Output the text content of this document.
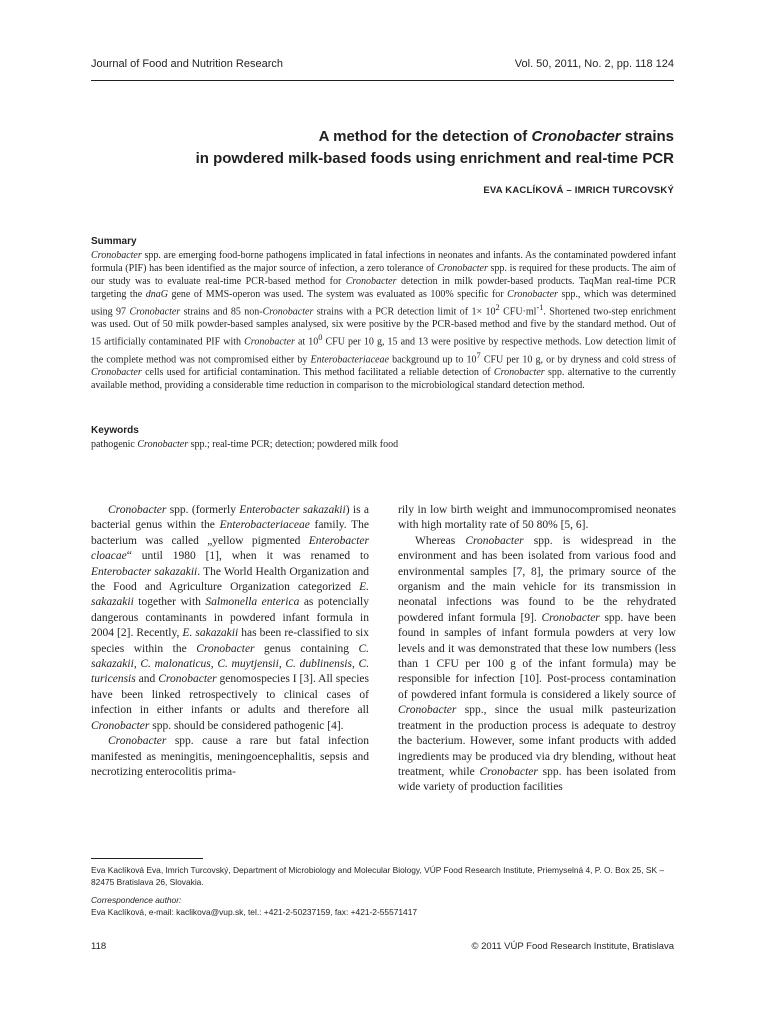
Journal of Food and Nutrition Research	Vol. 50, 2011, No. 2, pp. 118 124
A method for the detection of Cronobacter strains
in powdered milk-based foods using enrichment and real-time PCR
EVA KACLÍKOVÁ – IMRICH TURCOVSKÝ
Summary
Cronobacter spp. are emerging food-borne pathogens implicated in fatal infections in neonates and infants. As the contaminated powdered infant formula (PIF) has been identified as the major source of infection, a zero tolerance of Cronobacter spp. is required for these products. The aim of our study was to evaluate real-time PCR-based method for Cronobacter detection in milk powder-based products. TaqMan real-time PCR targeting the dnaG gene of MMS-operon was used. The system was evaluated as 100% specific for Cronobacter spp., which was determined using 97 Cronobacter strains and 85 non-Cronobacter strains with a PCR detection limit of $1\times 10^2$ $CFU\cdot ml^{-1}$. Shortened two-step enrichment was used. Out of 50 milk powder-based samples analysed, six were positive by the PCR-based method and five by the standard method. Out of 15 artificially contaminated PIF with Cronobacter at $10^0$ CFU per 10 g, 15 and 13 were positive by respective methods. Low detection limit of the complete method was not compromised either by Enterobacteriaceae background up to $10^7$ CFU per 10 g, or by dryness and cold stress of Cronobacter cells used for artificial contamination. This method facilitated a reliable detection of Cronobacter spp. alternative to the currently available method, providing a considerable time reduction in comparison to the microbiological standard detection method.
Keywords
pathogenic Cronobacter spp.; real-time PCR; detection; powdered milk food

Cronobacter spp. (formerly Enterobacter sakazakii) is a bacterial genus within the Enterobacteriaceae family. The bacterium was called „yellow pigmented Enterobacter cloacae“ until 1980 [1], when it was renamed to Enterobacter sakazakii. The World Health Organization and the Food and Agriculture Organization categorized E. sakazakii together with Salmonella enterica as potencially dangerous contaminants in powdered infant formula in 2004 [2]. Recently, E. sakazakii has been re-classified to six species within the Cronobacter genus containing C. sakazakii, C. malonaticus, C. muytjensii, C. dublinensis, C. turicensis and Cronobacter genomospecies I [3]. All species have been linked retrospectively to clinical cases of infection in either infants or adults and therefore all Cronobacter spp. should be considered pathogenic [4].

Cronobacter spp. cause a rare but fatal infection manifested as meningitis, meningoencephalitis, sepsis and necrotizing enterocolitis prima-

rily in low birth weight and immunocompromised neonates with high mortality rate of 50 80% [5, 6].

Whereas Cronobacter spp. is widespread in the environment and has been isolated from various food and environmental samples [7, 8], the primary source of the organism and the main vehicle for its transmission in neonatal infections was found to be the rehydrated powdered infant formula [9]. Cronobacter spp. have been found in samples of infant formula powders at very low levels and it was demonstrated that these low numbers (less than 1 CFU per 100 g of the infant formula) may be responsible for infection [10]. Post-process contamination of powdered infant formula is considered a likely source of Cronobacter spp., since the usual milk pasteurization treatment in the production process is adequate to destroy the bacterium. However, some infant products with added ingredients may be produced via dry blending, without heat treatment, while Cronobacter spp. has been isolated from wide variety of production facilities

Eva Kaclíková Eva, Imrich Turcovský, Department of Microbiology and Molecular Biology, VÚP Food Research Institute, Priemyselná 4, P. O. Box 25, SK – 82475 Bratislava 26, Slovakia.
Correspondence author:
Eva Kaclíková, e-mail: kaclikova@vup.sk, tel.: +421-2-50237159, fax: +421-2-55571417
118	© 2011 VÚP Food Research Institute, Bratislava
